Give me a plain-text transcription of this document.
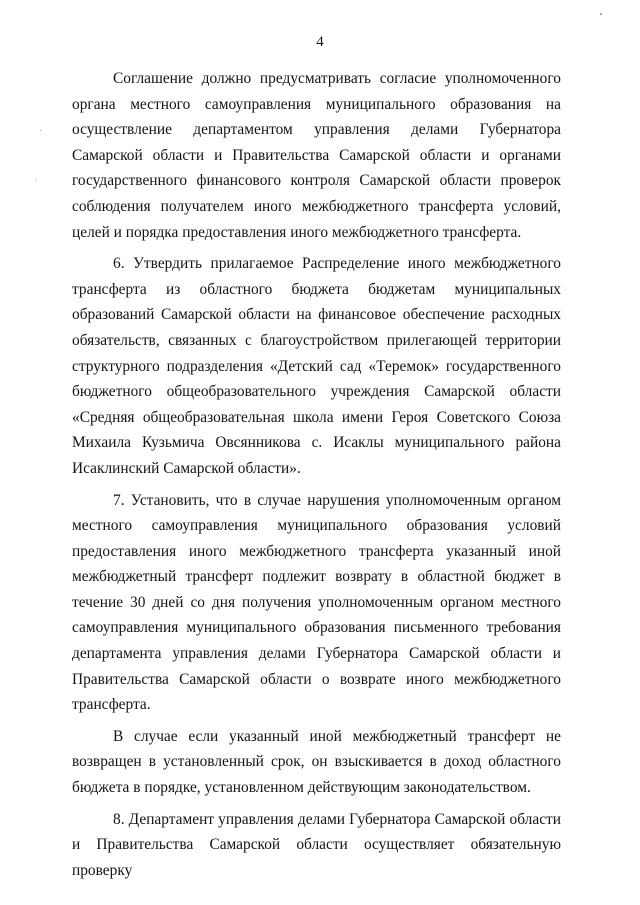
4

Соглашение должно предусматривать согласие уполномоченного органа местного самоуправления муниципального образования на осуществление департаментом управления делами Губернатора Самарской области и Правительства Самарской области и органами государственного финансового контроля Самарской области проверок соблюдения получателем иного межбюджетного трансферта условий, целей и порядка предоставления иного межбюджетного трансферта.

6. Утвердить прилагаемое Распределение иного межбюджетного трансферта из областного бюджета бюджетам муниципальных образований Самарской области на финансовое обеспечение расходных обязательств, связанных с благоустройством прилегающей территории структурного подразделения «Детский сад «Теремок» государственного бюджетного общеобразовательного учреждения Самарской области «Средняя общеобразовательная школа имени Героя Советского Союза Михаила Кузьмича Овсянникова с. Исаклы муниципального района Исаклинский Самарской области».

7. Установить, что в случае нарушения уполномоченным органом местного самоуправления муниципального образования условий предоставления иного межбюджетного трансферта указанный иной межбюджетный трансферт подлежит возврату в областной бюджет в течение 30 дней со дня получения уполномоченным органом местного самоуправления муниципального образования письменного требования департамента управления делами Губернатора Самарской области и Правительства Самарской области о возврате иного межбюджетного трансферта.

В случае если указанный иной межбюджетный трансферт не возвращен в установленный срок, он взыскивается в доход областного бюджета в порядке, установленном действующим законодательством.

8. Департамент управления делами Губернатора Самарской области и Правительства Самарской области осуществляет обязательную проверку
